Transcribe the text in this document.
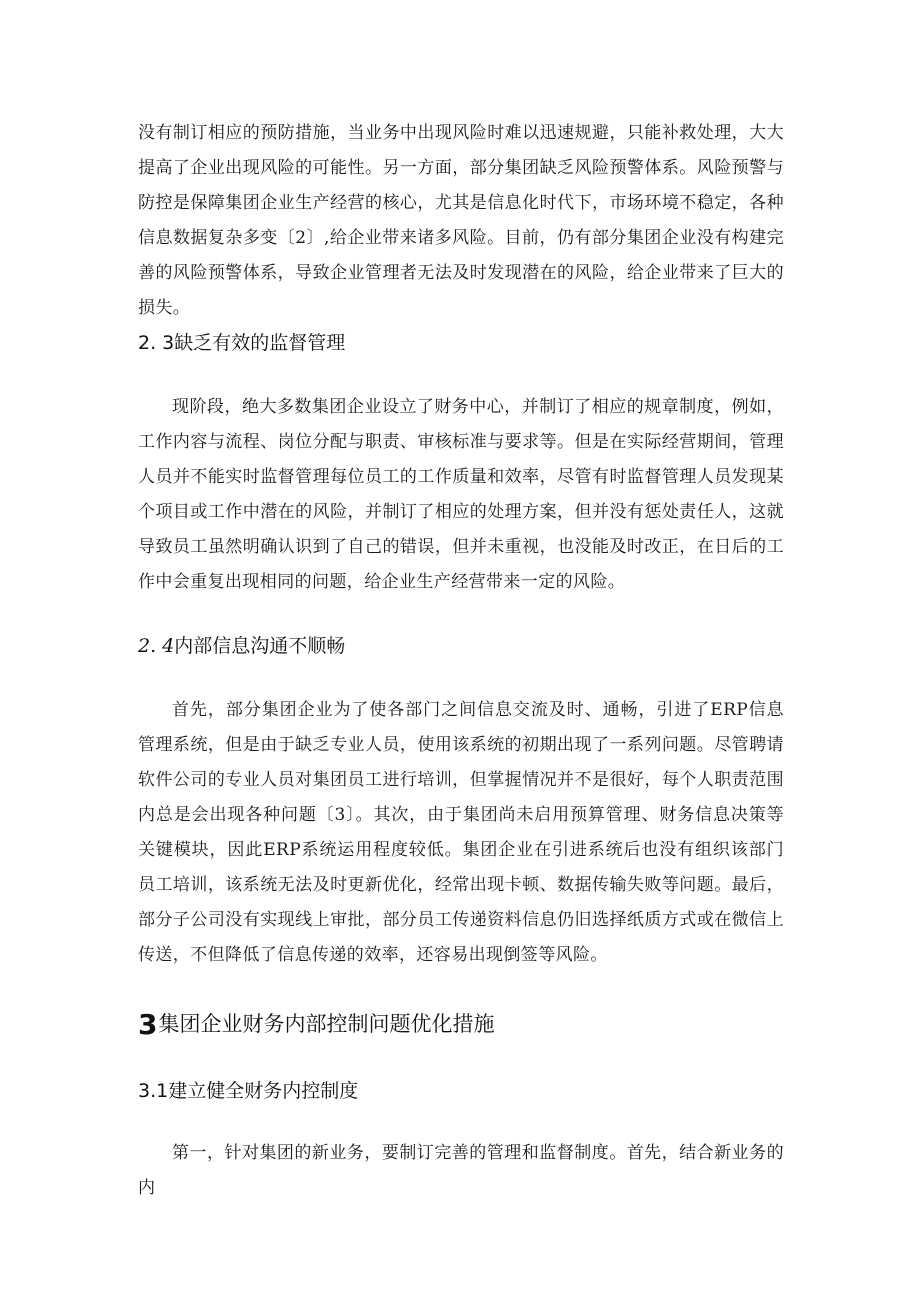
没有制订相应的预防措施，当业务中出现风险时难以迅速规避，只能补救处理，大大提高了企业出现风险的可能性。另一方面，部分集团缺乏风险预警体系。风险预警与防控是保障集团企业生产经营的核心，尤其是信息化时代下，市场环境不稳定，各种信息数据复杂多变〔2〕,给企业带来诸多风险。目前，仍有部分集团企业没有构建完善的风险预警体系，导致企业管理者无法及时发现潜在的风险，给企业带来了巨大的损失。

2. 3缺乏有效的监督管理

现阶段，绝大多数集团企业设立了财务中心，并制订了相应的规章制度，例如，工作内容与流程、岗位分配与职责、审核标准与要求等。但是在实际经营期间，管理人员并不能实时监督管理每位员工的工作质量和效率，尽管有时监督管理人员发现某个项目或工作中潜在的风险，并制订了相应的处理方案，但并没有惩处责任人，这就导致员工虽然明确认识到了自己的错误，但并未重视，也没能及时改正，在日后的工作中会重复出现相同的问题，给企业生产经营带来一定的风险。

2. 4内部信息沟通不顺畅

首先，部分集团企业为了使各部门之间信息交流及时、通畅，引进了ERP信息管理系统，但是由于缺乏专业人员，使用该系统的初期出现了一系列问题。尽管聘请软件公司的专业人员对集团员工进行培训，但掌握情况并不是很好，每个人职责范围内总是会出现各种问题〔3〕。其次，由于集团尚未启用预算管理、财务信息决策等关键模块，因此ERP系统运用程度较低。集团企业在引进系统后也没有组织该部门员工培训，该系统无法及时更新优化，经常出现卡顿、数据传输失败等问题。最后，部分子公司没有实现线上审批，部分员工传递资料信息仍旧选择纸质方式或在微信上传送，不但降低了信息传递的效率，还容易出现倒签等风险。

3集团企业财务内部控制问题优化措施
3.1建立健全财务内控制度

第一，针对集团的新业务，要制订完善的管理和监督制度。首先，结合新业务的内
